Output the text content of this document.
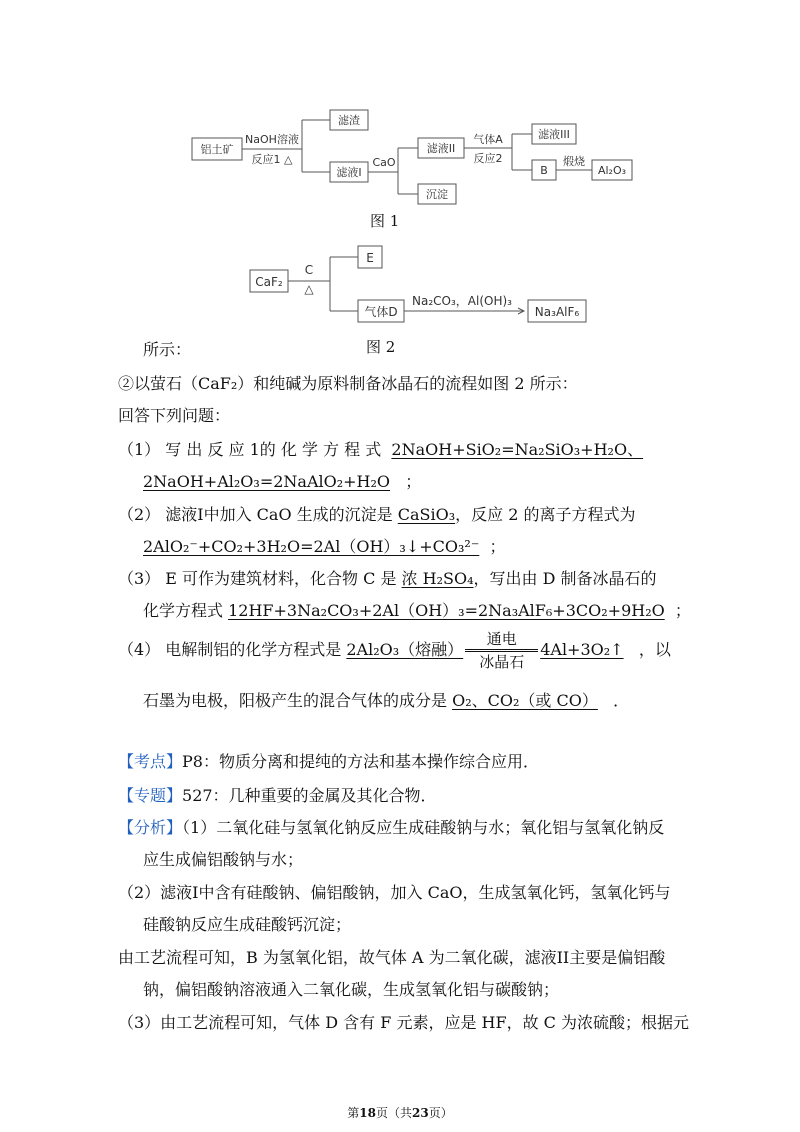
铝土矿
NaOH溶液
反应1 △
滤渣
滤液I
CaO
滤液II
沉淀
气体A
反应2
滤液III
B
煅烧
Al₂O₃
图 1
CaF₂
C
△
E
气体D
Na₂CO₃，Al(OH)₃
Na₃AlF₆
图 2
所示：
②以萤石（CaF₂）和纯碱为原料制备冰晶石的流程如图 2 所示：
回答下列问题：
（1） 写 出 反 应 1的 化 学 方 程 式 2NaOH+SiO₂=Na₂SiO₃+H₂O、
2NaOH+Al₂O₃=2NaAlO₂+H₂O ；
（2） 滤液I中加入 CaO 生成的沉淀是 CaSiO₃，反应 2 的离子方程式为
2AlO₂⁻+CO₂+3H₂O=2Al（OH）₃↓+CO₃²⁻ ；
（3） E 可作为建筑材料，化合物 C 是 浓 H₂SO₄，写出由 D 制备冰晶石的
化学方程式 12HF+3Na₂CO₃+2Al（OH）₃=2Na₃AlF₆+3CO₂+9H₂O ；
（4） 电解制铝的化学方程式是 2Al₂O₃（熔融）
通电
冰晶石
4Al+3O₂↑ ，以
石墨为电极，阳极产生的混合气体的成分是 O₂、CO₂（或 CO） ．
【考点】P8：物质分离和提纯的方法和基本操作综合应用．
【专题】527：几种重要的金属及其化合物．
【分析】（1）二氧化硅与氢氧化钠反应生成硅酸钠与水；氧化铝与氢氧化钠反
应生成偏铝酸钠与水；
（2）滤液I中含有硅酸钠、偏铝酸钠，加入 CaO，生成氢氧化钙，氢氧化钙与
硅酸钠反应生成硅酸钙沉淀；
由工艺流程可知，B 为氢氧化铝，故气体 A 为二氧化碳，滤液II主要是偏铝酸
钠，偏铝酸钠溶液通入二氧化碳，生成氢氧化铝与碳酸钠；
（3）由工艺流程可知，气体 D 含有 F 元素，应是 HF，故 C 为浓硫酸；根据元
第18页（共23页）
